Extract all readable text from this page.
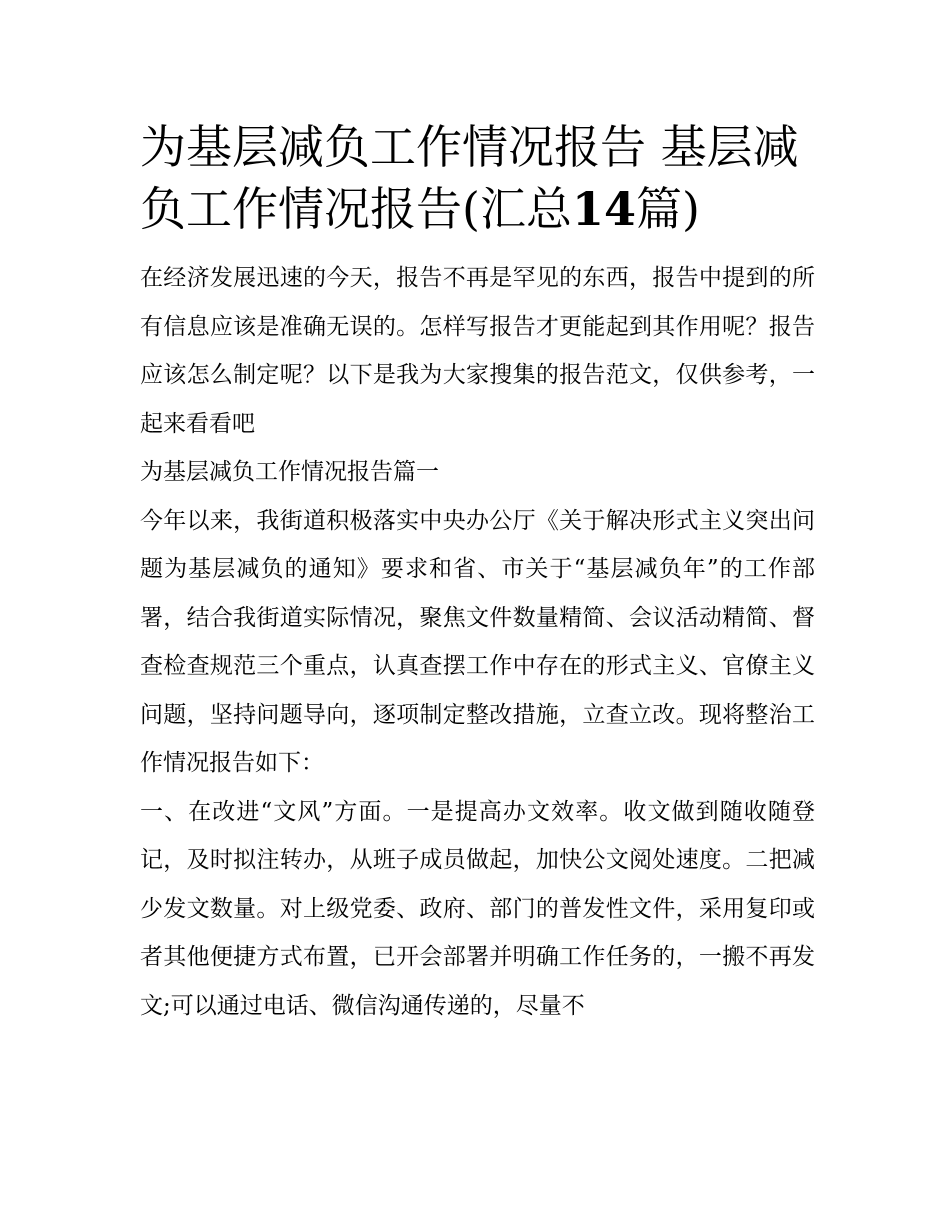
为基层减负工作情况报告 基层减负工作情况报告(汇总14篇)

在经济发展迅速的今天，报告不再是罕见的东西，报告中提到的所有信息应该是准确无误的。怎样写报告才更能起到其作用呢？报告应该怎么制定呢？以下是我为大家搜集的报告范文，仅供参考，一起来看看吧

为基层减负工作情况报告篇一

今年以来，我街道积极落实中央办公厅《关于解决形式主义突出问题为基层减负的通知》要求和省、市关于“基层减负年”的工作部署，结合我街道实际情况，聚焦文件数量精简、会议活动精简、督查检查规范三个重点，认真查摆工作中存在的形式主义、官僚主义问题，坚持问题导向，逐项制定整改措施，立查立改。现将整治工作情况报告如下：

一、在改进“文风”方面。一是提高办文效率。收文做到随收随登记，及时拟注转办，从班子成员做起，加快公文阅处速度。二把减少发文数量。对上级党委、政府、部门的普发性文件，采用复印或者其他便捷方式布置，已开会部署并明确工作任务的，一搬不再发文;可以通过电话、微信沟通传递的，尽量不
